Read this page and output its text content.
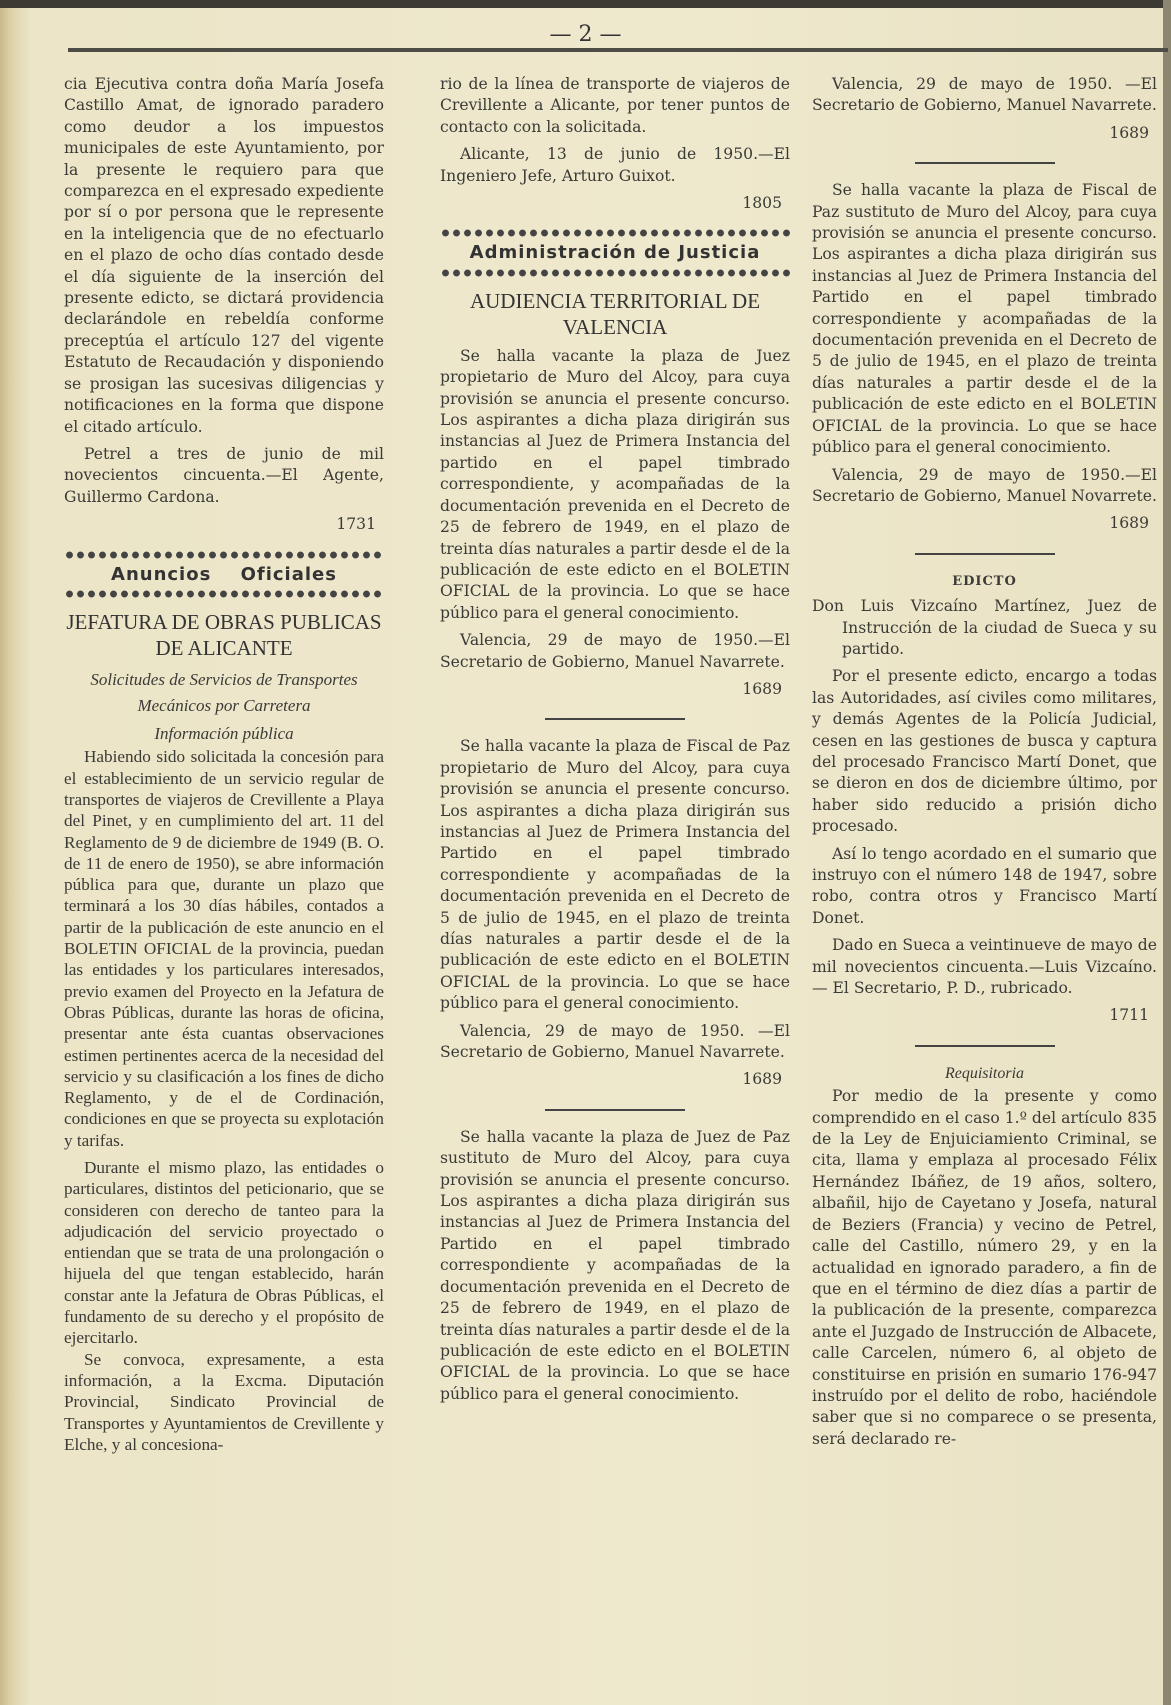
— 2 —

cia Ejecutiva contra doña María Josefa Castillo Amat, de ignorado paradero como deudor a los impuestos municipales de este Ayuntamiento, por la presente le requiero para que comparezca en el expresado expediente por sí o por persona que le represente en la inteligencia que de no efectuarlo en el plazo de ocho días contado desde el día siguiente de la inserción del presente edicto, se dictará providencia declarándole en rebeldía conforme preceptúa el artículo 127 del vigente Estatuto de Recaudación y disponiendo se prosigan las sucesivas diligencias y notificaciones en la forma que dispone el citado artículo.

Petrel a tres de junio de mil novecientos cincuenta.—El Agente, Guillermo Cardona.

1731

Anuncios Oficiales
JEFATURA DE OBRAS PUBLICAS DE ALICANTE
Solicitudes de Servicios de Transportes Mecánicos por Carretera
Información pública

Habiendo sido solicitada la concesión para el establecimiento de un servicio regular de transportes de viajeros de Crevillente a Playa del Pinet, y en cumplimiento del art. 11 del Reglamento de 9 de diciembre de 1949 (B. O. de 11 de enero de 1950), se abre información pública para que, durante un plazo que terminará a los 30 días hábiles, contados a partir de la publicación de este anuncio en el BOLETIN OFICIAL de la provincia, puedan las entidades y los particulares interesados, previo examen del Proyecto en la Jefatura de Obras Públicas, durante las horas de oficina, presentar ante ésta cuantas observaciones estimen pertinentes acerca de la necesidad del servicio y su clasificación a los fines de dicho Reglamento, y de el de Cordinación, condiciones en que se proyecta su explotación y tarifas.

Durante el mismo plazo, las entidades o particulares, distintos del peticionario, que se consideren con derecho de tanteo para la adjudicación del servicio proyectado o entiendan que se trata de una prolongación o hijuela del que tengan establecido, harán constar ante la Jefatura de Obras Públicas, el fundamento de su derecho y el propósito de ejercitarlo.

Se convoca, expresamente, a esta información, a la Excma. Diputación Provincial, Sindicato Provincial de Transportes y Ayuntamientos de Crevillente y Elche, y al concesiona-

rio de la línea de transporte de viajeros de Crevillente a Alicante, por tener puntos de contacto con la solicitada.

Alicante, 13 de junio de 1950.—El Ingeniero Jefe, Arturo Guixot.

1805

Administración de Justicia
AUDIENCIA TERRITORIAL DE VALENCIA

Se halla vacante la plaza de Juez propietario de Muro del Alcoy, para cuya provisión se anuncia el presente concurso. Los aspirantes a dicha plaza dirigirán sus instancias al Juez de Primera Instancia del partido en el papel timbrado correspondiente, y acompañadas de la documentación prevenida en el Decreto de 25 de febrero de 1949, en el plazo de treinta días naturales a partir desde el de la publicación de este edicto en el BOLETIN OFICIAL de la provincia. Lo que se hace público para el general conocimiento.

Valencia, 29 de mayo de 1950.—El Secretario de Gobierno, Manuel Navarrete.

1689

Se halla vacante la plaza de Fiscal de Paz propietario de Muro del Alcoy, para cuya provisión se anuncia el presente concurso. Los aspirantes a dicha plaza dirigirán sus instancias al Juez de Primera Instancia del Partido en el papel timbrado correspondiente y acompañadas de la documentación prevenida en el Decreto de 5 de julio de 1945, en el plazo de treinta días naturales a partir desde el de la publicación de este edicto en el BOLETIN OFICIAL de la provincia. Lo que se hace público para el general conocimiento.

Valencia, 29 de mayo de 1950. —El Secretario de Gobierno, Manuel Navarrete.

1689

Se halla vacante la plaza de Juez de Paz sustituto de Muro del Alcoy, para cuya provisión se anuncia el presente concurso. Los aspirantes a dicha plaza dirigirán sus instancias al Juez de Primera Instancia del Partido en el papel timbrado correspondiente y acompañadas de la documentación prevenida en el Decreto de 25 de febrero de 1949, en el plazo de treinta días naturales a partir desde el de la publicación de este edicto en el BOLETIN OFICIAL de la provincia. Lo que se hace público para el general conocimiento.

Valencia, 29 de mayo de 1950. —El Secretario de Gobierno, Manuel Navarrete.

1689

Se halla vacante la plaza de Fiscal de Paz sustituto de Muro del Alcoy, para cuya provisión se anuncia el presente concurso. Los aspirantes a dicha plaza dirigirán sus instancias al Juez de Primera Instancia del Partido en el papel timbrado correspondiente y acompañadas de la documentación prevenida en el Decreto de 5 de julio de 1945, en el plazo de treinta días naturales a partir desde el de la publicación de este edicto en el BOLETIN OFICIAL de la provincia. Lo que se hace público para el general conocimiento.

Valencia, 29 de mayo de 1950.—El Secretario de Gobierno, Manuel Novarrete.

1689

EDICTO

Don Luis Vizcaíno Martínez, Juez de Instrucción de la ciudad de Sueca y su partido.

Por el presente edicto, encargo a todas las Autoridades, así civiles como militares, y demás Agentes de la Policía Judicial, cesen en las gestiones de busca y captura del procesado Francisco Martí Donet, que se dieron en dos de diciembre último, por haber sido reducido a prisión dicho procesado.

Así lo tengo acordado en el sumario que instruyo con el número 148 de 1947, sobre robo, contra otros y Francisco Martí Donet.

Dado en Sueca a veintinueve de mayo de mil novecientos cincuenta.—Luis Vizcaíno. — El Secretario, P. D., rubricado.

1711

Requisitoria

Por medio de la presente y como comprendido en el caso 1.º del artículo 835 de la Ley de Enjuiciamiento Criminal, se cita, llama y emplaza al procesado Félix Hernández Ibáñez, de 19 años, soltero, albañil, hijo de Cayetano y Josefa, natural de Beziers (Francia) y vecino de Petrel, calle del Castillo, número 29, y en la actualidad en ignorado paradero, a fin de que en el término de diez días a partir de la publicación de la presente, comparezca ante el Juzgado de Instrucción de Albacete, calle Carcelen, número 6, al objeto de constituirse en prisión en sumario 176-947 instruído por el delito de robo, haciéndole saber que si no comparece o se presenta, será declarado re-
